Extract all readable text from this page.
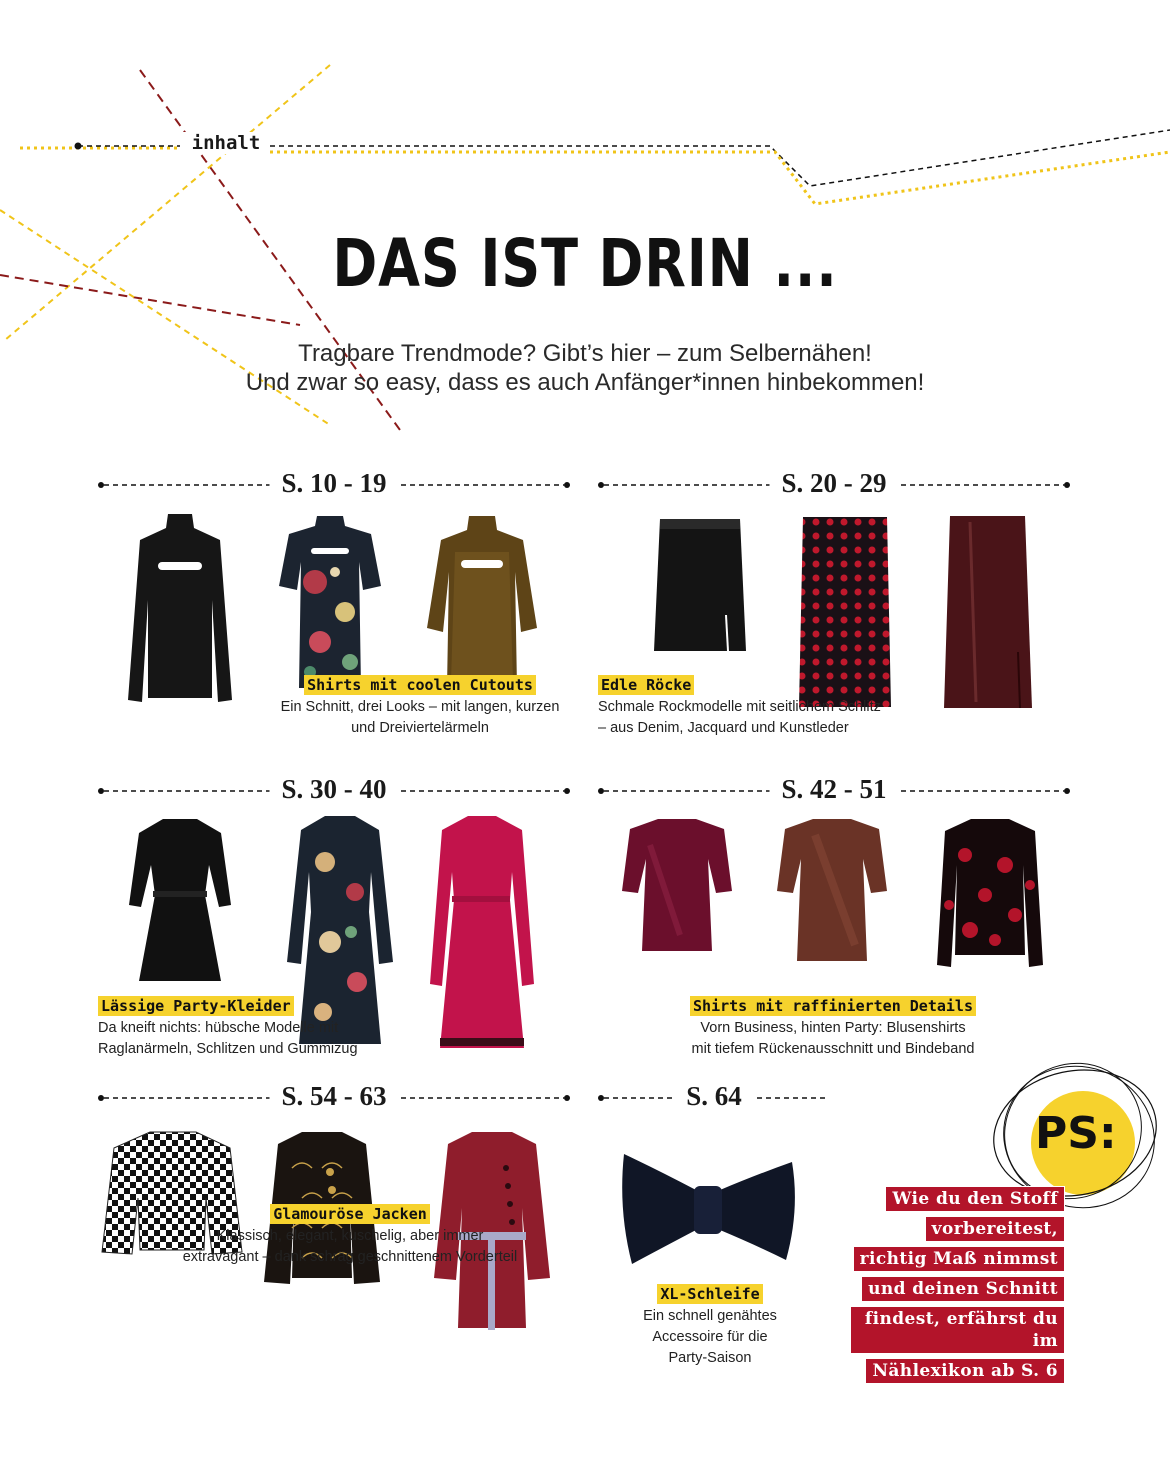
inhalt
DAS IST DRIN ...
Tragbare Trendmode? Gibt’s hier – zum Selbernähen!
Und zwar so easy, dass es auch Anfänger*innen hinbekommen!
S. 10 - 19	S. 20 - 29
S. 30 - 40	S. 42 - 51
S. 54 - 63	S. 64
Shirts mit coolen Cutouts
Ein Schnitt, drei Looks – mit langen, kurzen
und Dreiviertelärmeln
Edle Röcke
Schmale Rockmodelle mit seitlichem Schlitz
– aus Denim, Jacquard und Kunstleder
Lässige Party-Kleider
Da kneift nichts: hübsche Modelle mit
Raglanärmeln, Schlitzen und Gummizug
Shirts mit raffinierten Details
Vorn Business, hinten Party: Blusenshirts
mit tiefem Rückenausschnitt und Bindeband
Glamouröse Jacken
Klassisch, elegant, kuschelig, aber immer
extravagant – dank schräg geschnittenem Vorderteil
XL-Schleife
Ein schnell genähtes
Accessoire für die
Party-Saison
PS:
Wie du den Stoff
vorbereitest,
richtig Maß nimmst
und deinen Schnitt
findest, erfährst du im
Nählexikon ab S. 6
